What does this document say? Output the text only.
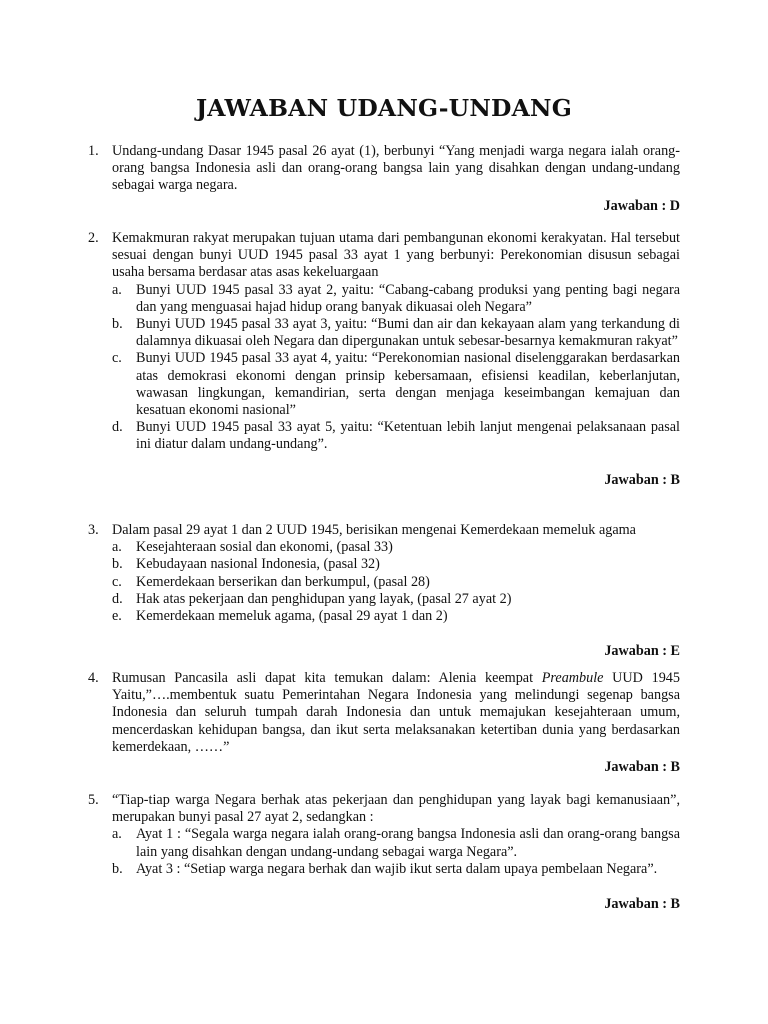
JAWABAN UDANG-UNDANG
1. Undang-undang Dasar 1945 pasal 26 ayat (1), berbunyi “Yang menjadi warga negara ialah orang-orang bangsa Indonesia asli dan orang-orang bangsa lain yang disahkan dengan undang-undang sebagai warga negara.
Jawaban : D
2. Kemakmuran rakyat merupakan tujuan utama dari pembangunan ekonomi kerakyatan. Hal tersebut sesuai dengan bunyi UUD 1945 pasal 33 ayat 1 yang berbunyi: Perekonomian disusun sebagai usaha bersama berdasar atas asas kekeluargaan
a. Bunyi UUD 1945 pasal 33 ayat 2, yaitu: “Cabang-cabang produksi yang penting bagi negara dan yang menguasai hajad hidup orang banyak dikuasai oleh Negara”
b. Bunyi UUD 1945 pasal 33 ayat 3, yaitu: “Bumi dan air dan kekayaan alam yang terkandung di dalamnya dikuasai oleh Negara dan dipergunakan untuk sebesar-besarnya kemakmuran rakyat”
c. Bunyi UUD 1945 pasal 33 ayat 4, yaitu: “Perekonomian nasional diselenggarakan berdasarkan atas demokrasi ekonomi dengan prinsip kebersamaan, efisiensi keadilan, keberlanjutan, wawasan lingkungan, kemandirian, serta dengan menjaga keseimbangan kemajuan dan kesatuan ekonomi nasional”
d. Bunyi UUD 1945 pasal 33 ayat 5, yaitu: “Ketentuan lebih lanjut mengenai pelaksanaan pasal ini diatur dalam undang-undang”.
Jawaban : B
3. Dalam pasal 29 ayat 1 dan 2 UUD 1945, berisikan mengenai Kemerdekaan memeluk agama
a. Kesejahteraan sosial dan ekonomi, (pasal 33)
b. Kebudayaan nasional Indonesia, (pasal 32)
c. Kemerdekaan berserikan dan berkumpul, (pasal 28)
d. Hak atas pekerjaan dan penghidupan yang layak, (pasal 27 ayat 2)
e. Kemerdekaan memeluk agama, (pasal 29 ayat 1 dan 2)
Jawaban : E
4. Rumusan Pancasila asli dapat kita temukan dalam: Alenia keempat Preambule UUD 1945 Yaitu,”….membentuk suatu Pemerintahan Negara Indonesia yang melindungi segenap bangsa Indonesia dan seluruh tumpah darah Indonesia dan untuk memajukan kesejahteraan umum, mencerdaskan kehidupan bangsa, dan ikut serta melaksanakan ketertiban dunia yang berdasarkan kemerdekaan, ……”
Jawaban : B
5. “Tiap-tiap warga Negara berhak atas pekerjaan dan penghidupan yang layak bagi kemanusiaan”, merupakan bunyi pasal 27 ayat 2, sedangkan :
a. Ayat 1 : “Segala warga negara ialah orang-orang bangsa Indonesia asli dan orang-orang bangsa lain yang disahkan dengan undang-undang sebagai warga Negara”.
b. Ayat 3 : “Setiap warga negara berhak dan wajib ikut serta dalam upaya pembelaan Negara”.
Jawaban : B
